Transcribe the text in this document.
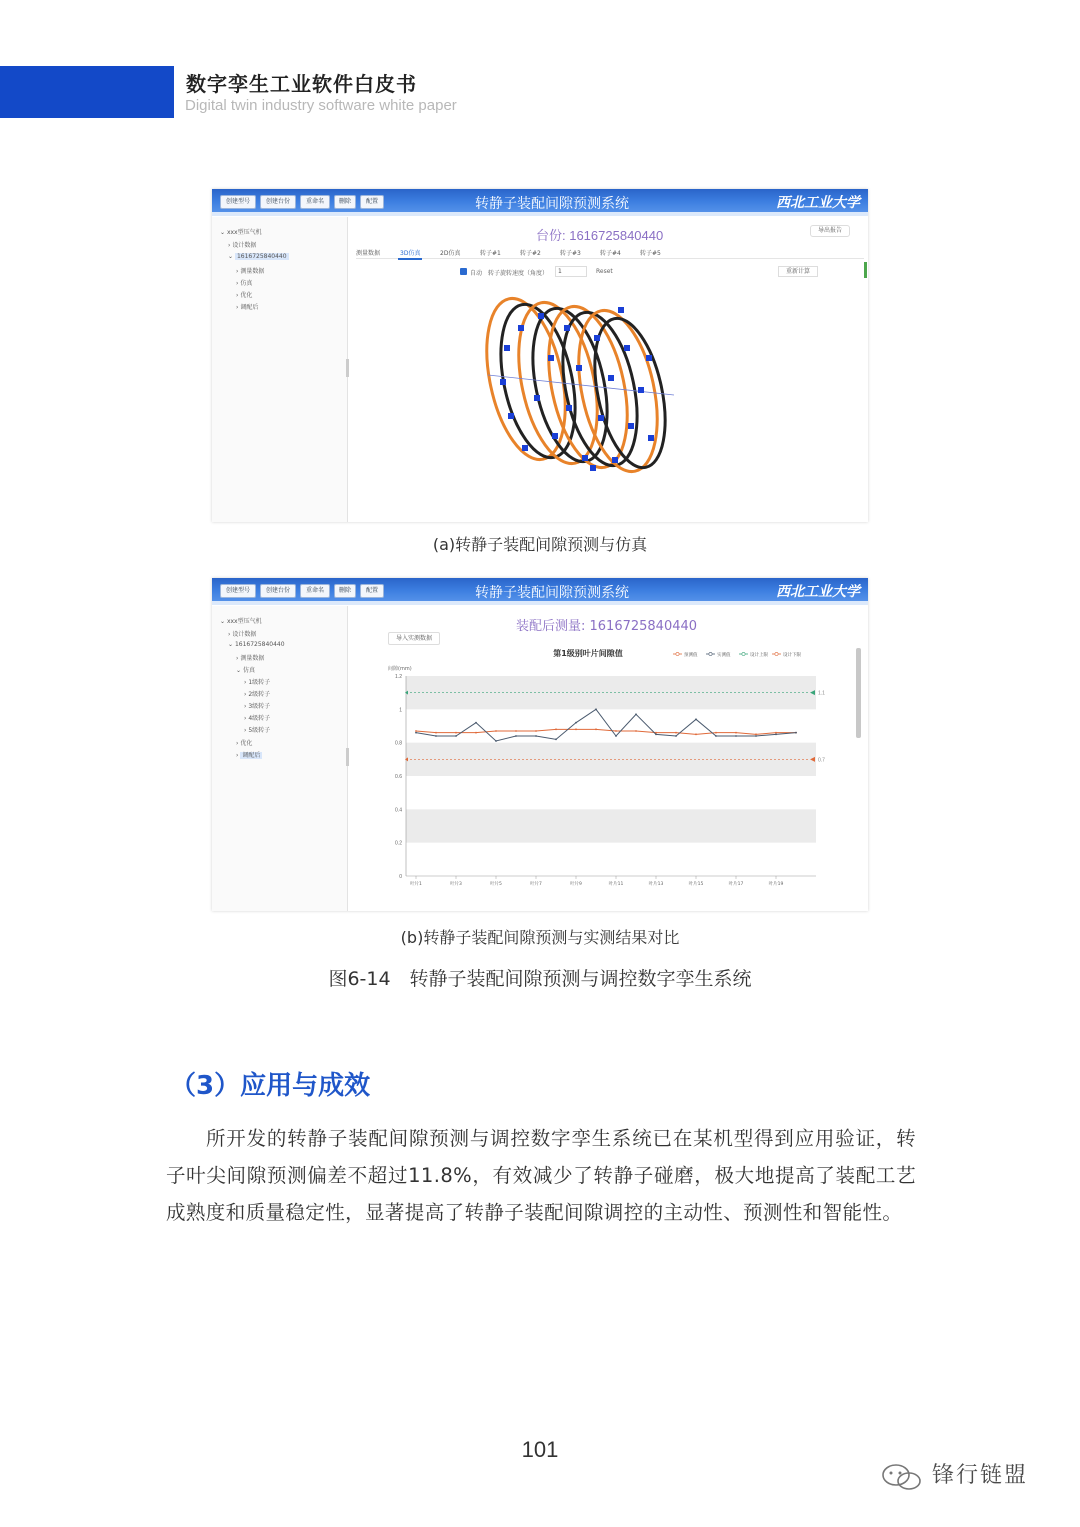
数字孪生工业软件白皮书
Digital twin industry software white paper
创建型号	创建台份	重命名	删除	配置	转静子装配间隙预测系统	西北工业大学
⌄ xxx型压气机
› 设计数据
⌄ 1616725840440
› 测量数据
› 仿真
› 优化
› 调配后
台份: 1616725840440	导出报告
测量数据	3D仿真	2D仿真	转子#1	转子#2	转子#3	转子#4	转子#5
自动 转子旋转速度（角度）	1	Reset	重新计算
(a)转静子装配间隙预测与仿真
创建型号	创建台份	重命名	删除	配置	转静子装配间隙预测系统	西北工业大学
⌄ xxx型压气机
› 设计数据
⌄ 1616725840440
› 测量数据
⌄ 仿真
› 1级转子
› 2级转子
› 3级转子
› 4级转子
› 5级转子
› 优化
› 调配后
装配后测量: 1616725840440
导入实测数据
第1级别叶片间隙值
间隙(mm)
预测值	实测值	设计上限	设计下限
0
0.2
0.4
0.6
0.8
1
1.2
叶片1	叶片3	叶片5	叶片7	叶片9	叶片11	叶片13	叶片15	叶片17	叶片19
1.1
0.7
(b)转静子装配间隙预测与实测结果对比
图6-14　转静子装配间隙预测与调控数字孪生系统
（3）应用与成效
所开发的转静子装配间隙预测与调控数字孪生系统已在某机型得到应用验证，转子叶尖间隙预测偏差不超过11.8%，有效减少了转静子碰磨，极大地提高了装配工艺成熟度和质量稳定性，显著提高了转静子装配间隙调控的主动性、预测性和智能性。
101
锋行链盟
